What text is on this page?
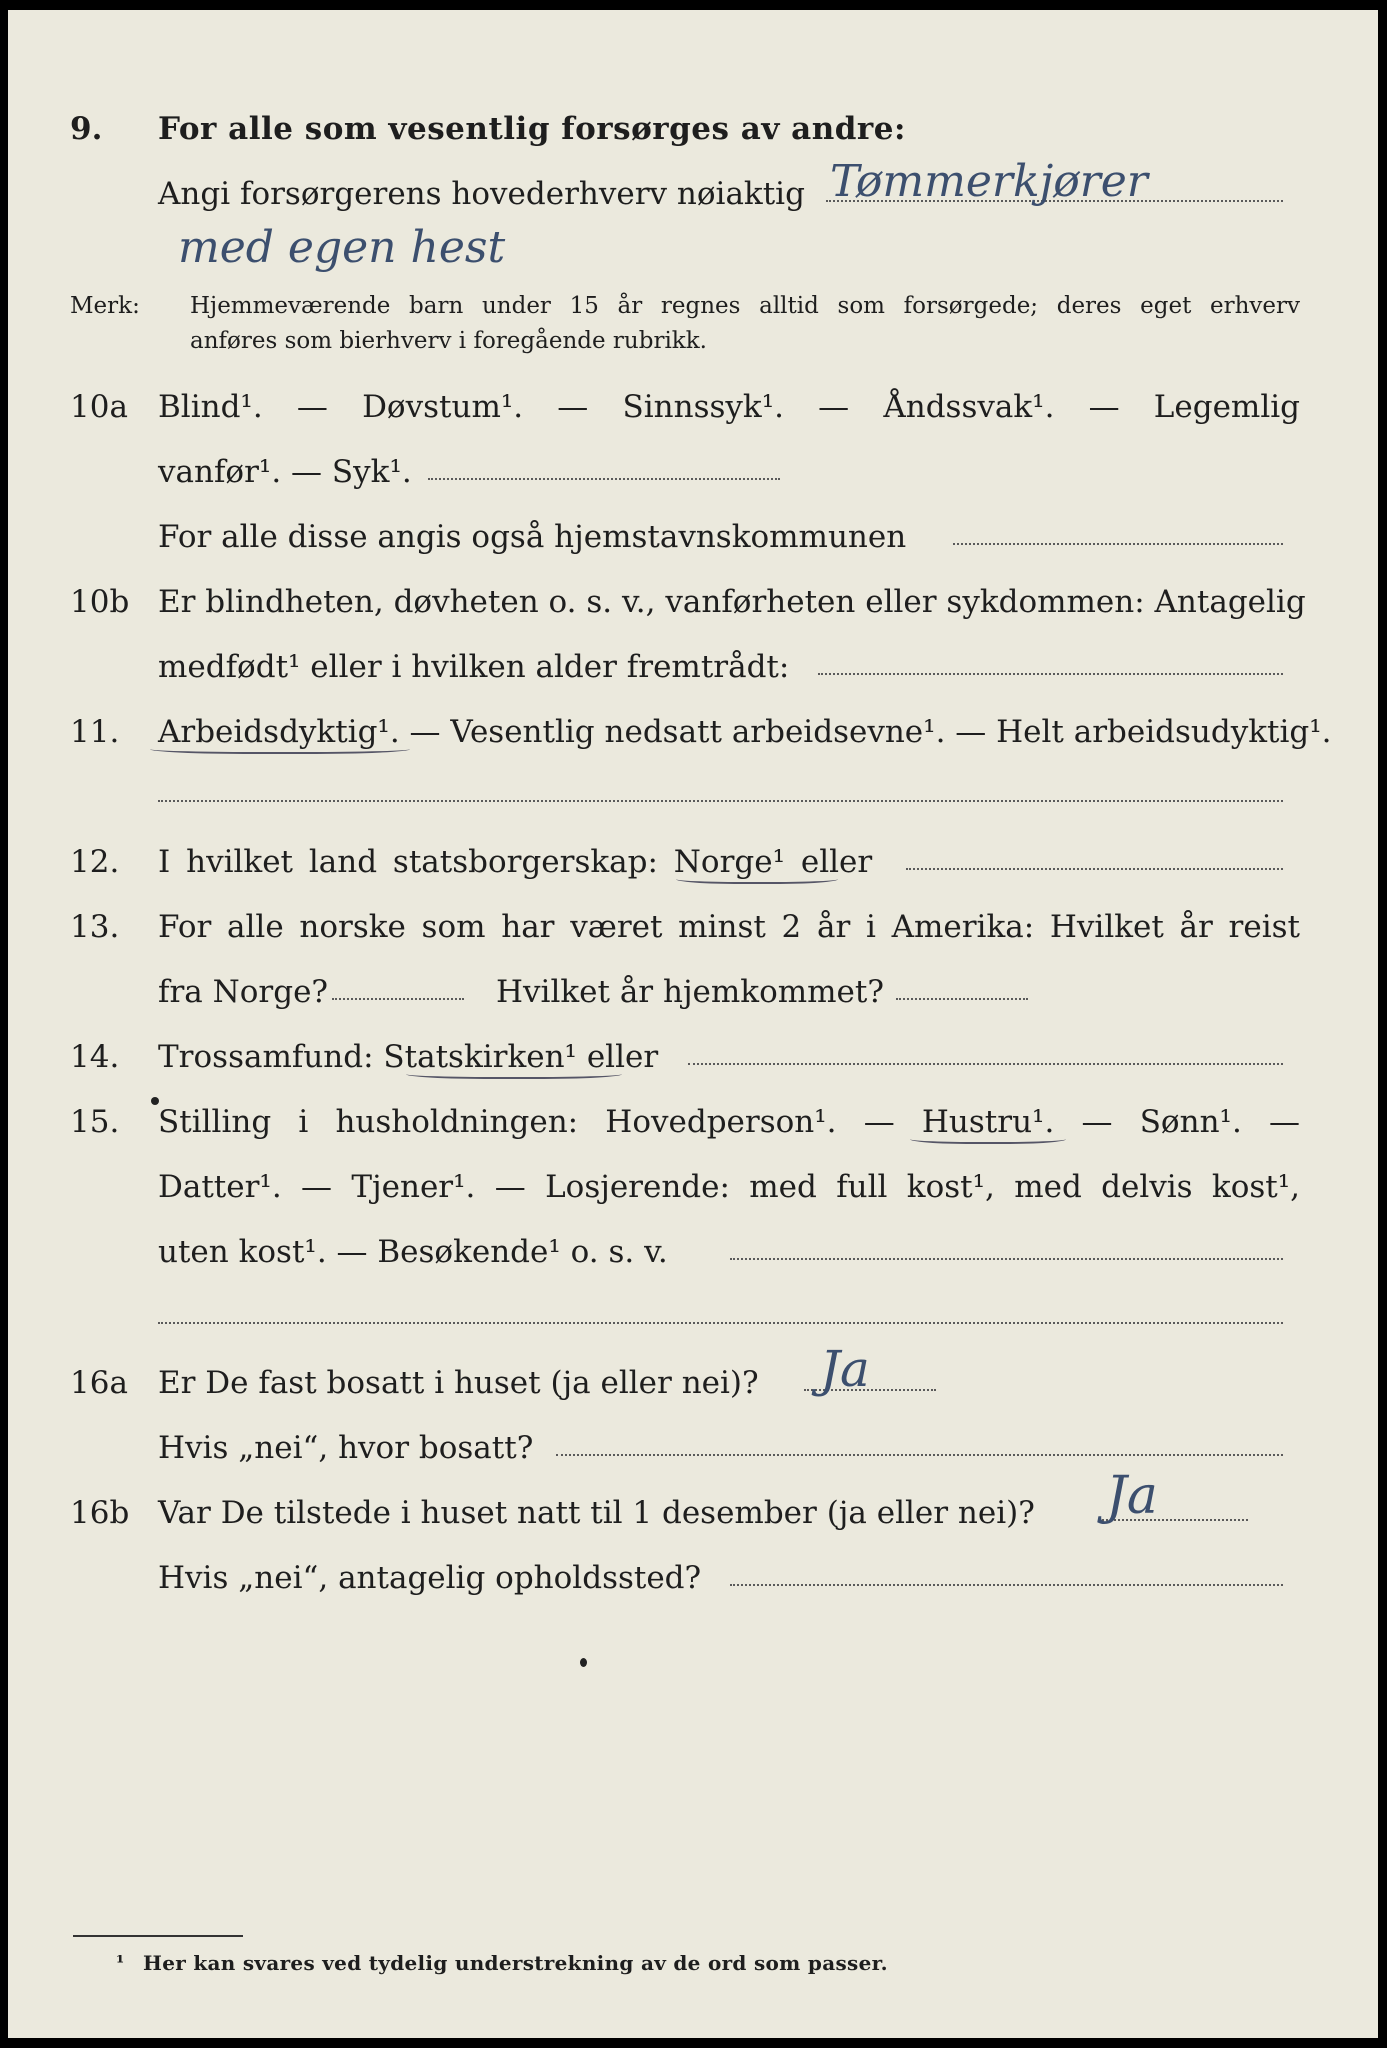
9. For alle som vesentlig forsørges av andre:
Angi forsørgerens hovederhverv nøiaktig Tømmerkjører
med egen hest
Merk: Hjemmeværende barn under 15 år regnes alltid som forsørgede; deres eget erhverv
anføres som bierhverv i foregående rubrikk.
10a Blind¹. — Døvstum¹. — Sinnssyk¹. — Åndssvak¹. — Legemlig
vanfør¹. — Syk¹.
For alle disse angis også hjemstavnskommunen
10b Er blindheten, døvheten o. s. v., vanførheten eller sykdommen: Antagelig
medfødt¹ eller i hvilken alder fremtrådt:
11. Arbeidsdyktig¹. — Vesentlig nedsatt arbeidsevne¹. — Helt arbeidsudyktig¹.
12. I hvilket land statsborgerskap: Norge¹ eller
13. For alle norske som har været minst 2 år i Amerika: Hvilket år reist
fra Norge?	Hvilket år hjemkommet?
14. Trossamfund: Statskirken¹ eller
15. Stilling i husholdningen: Hovedperson¹. — Hustru¹. — Sønn¹. —
Datter¹. — Tjener¹. — Losjerende: med full kost¹, med delvis kost¹,
uten kost¹. — Besøkende¹ o. s. v.
16a Er De fast bosatt i huset (ja eller nei)? Ja
Hvis „nei“, hvor bosatt?
16b Var De tilstede i huset natt til 1 desember (ja eller nei)? Ja
Hvis „nei“, antagelig opholdssted?
¹ Her kan svares ved tydelig understrekning av de ord som passer.
